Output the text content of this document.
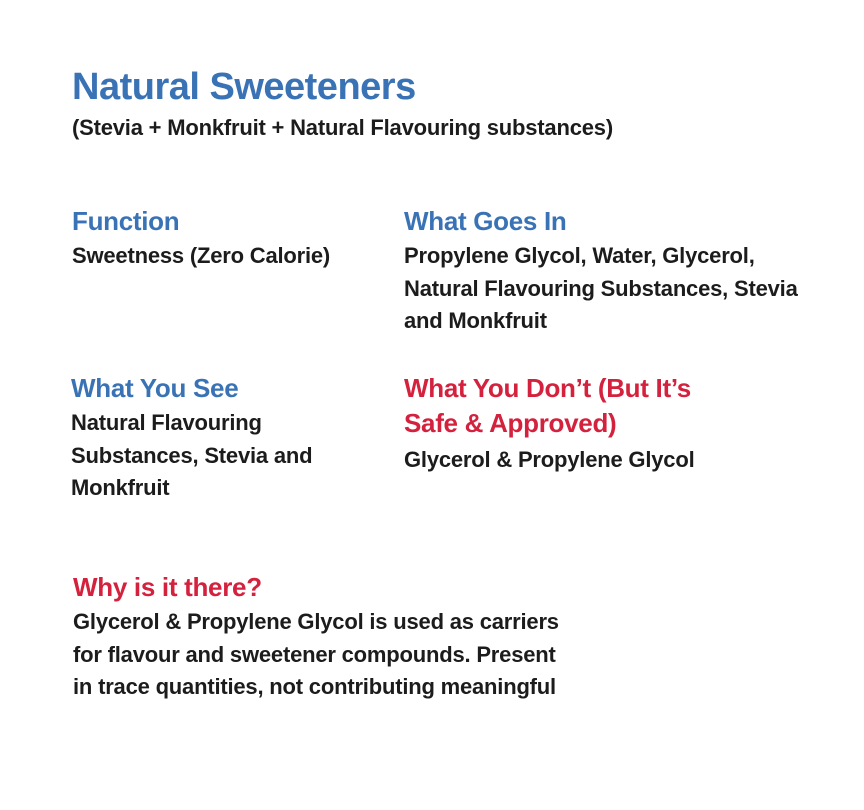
Natural Sweeteners

(Stevia + Monkfruit + Natural Flavouring substances)

Function

Sweetness (Zero Calorie)

What Goes In

Propylene Glycol, Water, Glycerol, Natural Flavouring Substances, Stevia and Monkfruit

What You See

Natural Flavouring Substances, Stevia and Monkfruit

What You Don’t (But It’s Safe & Approved)

Glycerol & Propylene Glycol

Why is it there?

Glycerol & Propylene Glycol is used as carriers for flavour and sweetener compounds. Present in trace quantities, not contributing meaningful
